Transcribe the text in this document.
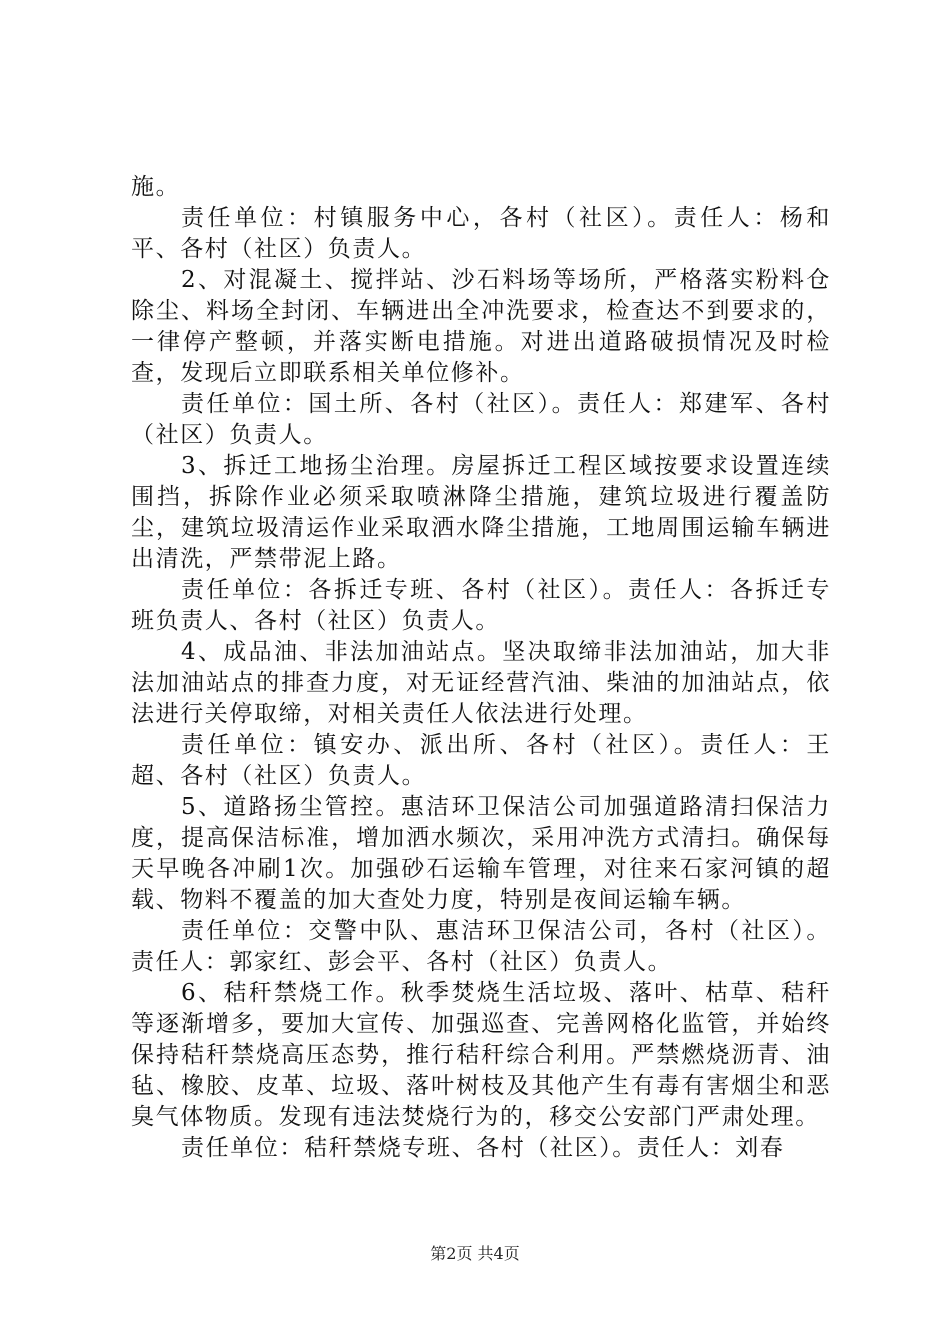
施。

责任单位：村镇服务中心，各村（社区）。责任人：杨和平、各村（社区）负责人。

2、对混凝土、搅拌站、沙石料场等场所，严格落实粉料仓除尘、料场全封闭、车辆进出全冲洗要求，检查达不到要求的，一律停产整顿，并落实断电措施。对进出道路破损情况及时检查，发现后立即联系相关单位修补。

责任单位：国土所、各村（社区）。责任人：郑建军、各村（社区）负责人。

3、拆迁工地扬尘治理。房屋拆迁工程区域按要求设置连续围挡，拆除作业必须采取喷淋降尘措施，建筑垃圾进行覆盖防尘，建筑垃圾清运作业采取洒水降尘措施，工地周围运输车辆进出清洗，严禁带泥上路。

责任单位：各拆迁专班、各村（社区）。责任人：各拆迁专班负责人、各村（社区）负责人。

4、成品油、非法加油站点。坚决取缔非法加油站，加大非法加油站点的排查力度，对无证经营汽油、柴油的加油站点，依法进行关停取缔，对相关责任人依法进行处理。

责任单位：镇安办、派出所、各村（社区）。责任人：王超、各村（社区）负责人。

5、道路扬尘管控。惠洁环卫保洁公司加强道路清扫保洁力度，提高保洁标准，增加洒水频次，采用冲洗方式清扫。确保每天早晚各冲刷1次。加强砂石运输车管理，对往来石家河镇的超载、物料不覆盖的加大查处力度，特别是夜间运输车辆。

责任单位：交警中队、惠洁环卫保洁公司，各村（社区）。责任人：郭家红、彭会平、各村（社区）负责人。

6、秸秆禁烧工作。秋季焚烧生活垃圾、落叶、枯草、秸秆等逐渐增多，要加大宣传、加强巡查、完善网格化监管，并始终保持秸秆禁烧高压态势，推行秸秆综合利用。严禁燃烧沥青、油毡、橡胶、皮革、垃圾、落叶树枝及其他产生有毒有害烟尘和恶臭气体物质。发现有违法焚烧行为的，移交公安部门严肃处理。

责任单位：秸秆禁烧专班、各村（社区）。责任人：刘春

第2页 共4页
